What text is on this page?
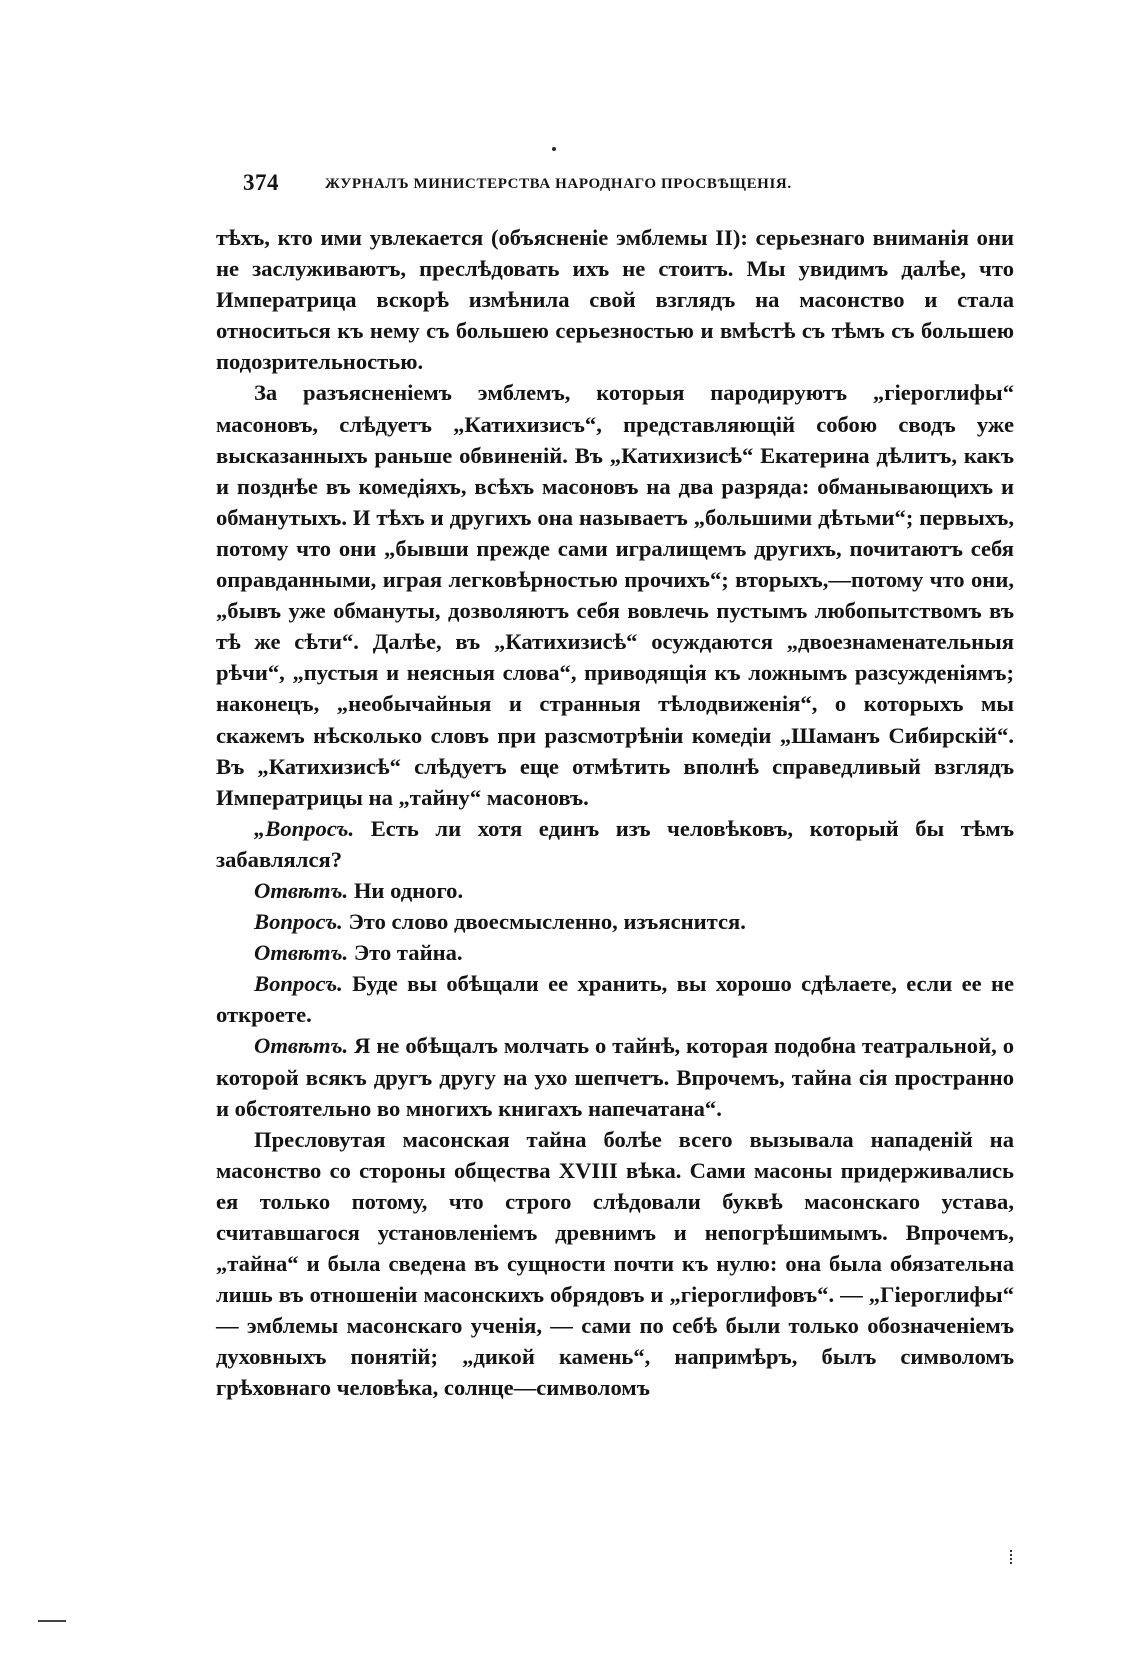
374	ЖУРНАЛЪ МИНИСТЕРСТВА НАРОДНАГО ПРОСВѢЩЕНІЯ.

тѣхъ, кто ими увлекается (объясненіе эмблемы II): серьезнаго вниманія они не заслуживаютъ, преслѣдовать ихъ не стоитъ. Мы увидимъ далѣе, что Императрица вскорѣ измѣнила свой взглядъ на масонство и стала относиться къ нему съ большею серьезностью и вмѣстѣ съ тѣмъ съ большею подозрительностью.

За разъясненіемъ эмблемъ, которыя пародируютъ „гіероглифы“ масоновъ, слѣдуетъ „Катихизисъ“, представляющій собою сводъ уже высказанныхъ раньше обвиненій. Въ „Катихизисѣ“ Екатерина дѣлитъ, какъ и позднѣе въ комедіяхъ, всѣхъ масоновъ на два разряда: обманывающихъ и обманутыхъ. И тѣхъ и другихъ она называетъ „большими дѣтьми“; первыхъ, потому что они „бывши прежде сами игралищемъ другихъ, почитаютъ себя оправданными, играя легковѣрностью прочихъ“; вторыхъ,—потому что они, „бывъ уже обмануты, дозволяютъ себя вовлечь пустымъ любопытствомъ въ тѣ же сѣти“. Далѣе, въ „Катихизисѣ“ осуждаются „двоезнаменательныя рѣчи“, „пустыя и неясныя слова“, приводящія къ ложнымъ разсужденіямъ; наконецъ, „необычайныя и странныя тѣлодвиженія“, о которыхъ мы скажемъ нѣсколько словъ при разсмотрѣніи комедіи „Шаманъ Сибирскій“. Въ „Катихизисѣ“ слѣдуетъ еще отмѣтить вполнѣ справедливый взглядъ Императрицы на „тайну“ масоновъ.

„Вопросъ. Есть ли хотя единъ изъ человѣковъ, который бы тѣмъ забавлялся?

Отвѣтъ. Ни одного.

Вопросъ. Это слово двоесмысленно, изъяснится.

Отвѣтъ. Это тайна.

Вопросъ. Буде вы обѣщали ее хранить, вы хорошо сдѣлаете, если ее не откроете.

Отвѣтъ. Я не обѣщалъ молчать о тайнѣ, которая подобна театральной, о которой всякъ другъ другу на ухо шепчетъ. Впрочемъ, тайна сія пространно и обстоятельно во многихъ книгахъ напечатана“.

Пресловутая масонская тайна болѣе всего вызывала нападеній на масонство со стороны общества XVIII вѣка. Сами масоны придерживались ея только потому, что строго слѣдовали буквѣ масонскаго устава, считавшагося установленіемъ древнимъ и непогрѣшимымъ. Впрочемъ, „тайна“ и была сведена въ сущности почти къ нулю: она была обязательна лишь въ отношеніи масонскихъ обрядовъ и „гіероглифовъ“. — „Гіероглифы“ — эмблемы масонскаго ученія, — сами по себѣ были только обозначеніемъ духовныхъ понятій; „дикой камень“, напримѣръ, былъ символомъ грѣховнаго человѣка, солнце—символомъ
